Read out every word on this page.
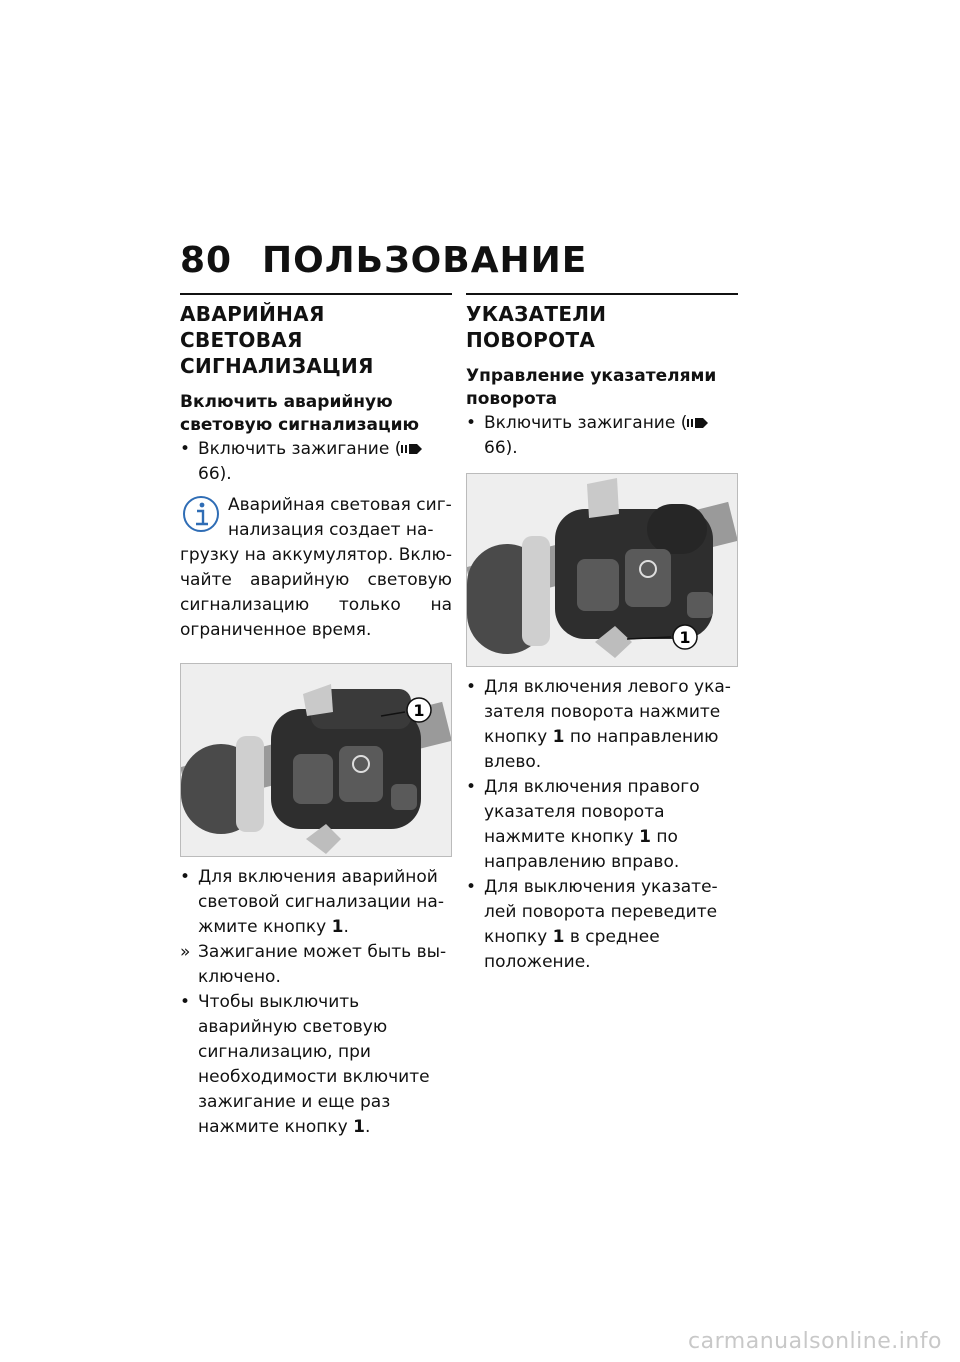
80 ПОЛЬЗОВАНИЕ
АВАРИЙНАЯ СВЕТОВАЯ СИГНАЛИЗАЦИЯ
Включить аварийную световую сигнализацию

• Включить зажигание (66).

Аварийная световая сиг-
нализация создает на-
грузку на аккумулятор. Включайте аварийную световую сигнализацию только на ограниченное время.
1

• Для включения аварийной световой сигнализации нажмите кнопку 1.

» Зажигание может быть выключено.

• Чтобы выключить аварийную световую сигнализацию, при необходимости включите зажигание и еще раз нажмите кнопку 1.

УКАЗАТЕЛИ ПОВОРОТА
Управление указателями поворота

• Включить зажигание (66).

1

• Для включения левого указателя поворота нажмите кнопку 1 по направлению влево.

• Для включения правого указателя поворота нажмите кнопку 1 по направлению вправо.

• Для выключения указателей поворота переведите кнопку 1 в среднее положение.

carmanualsonline.info
